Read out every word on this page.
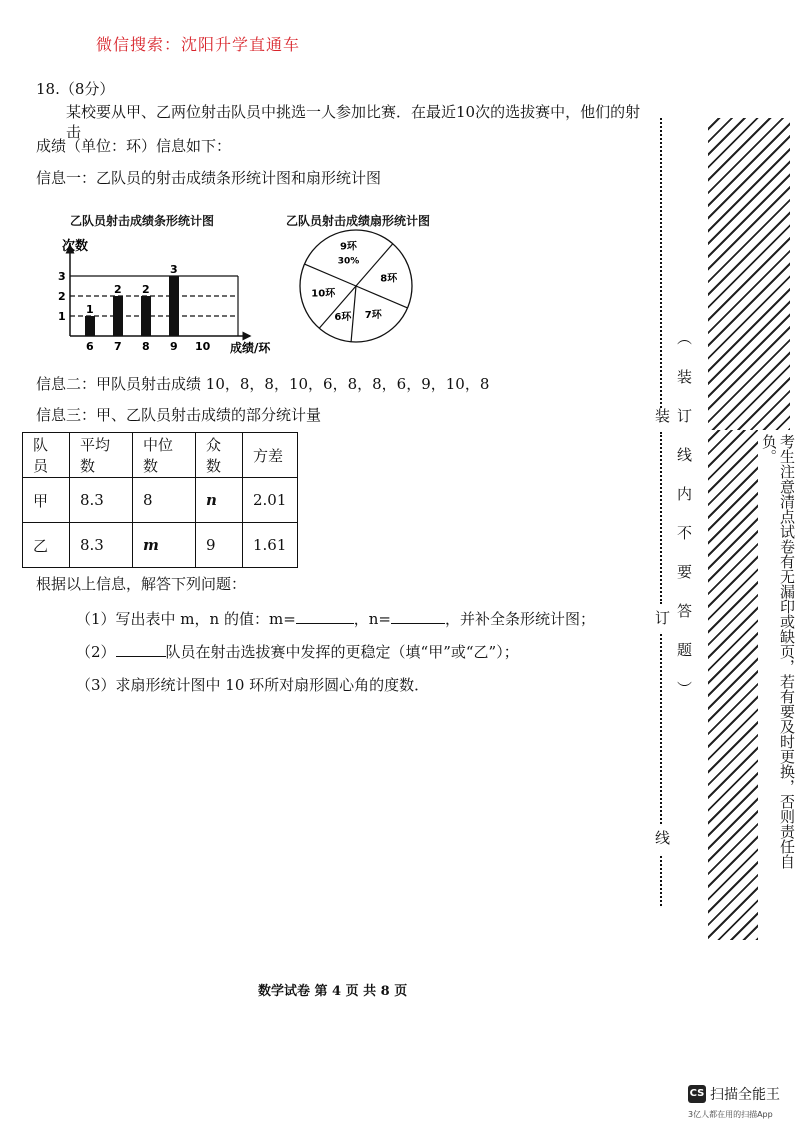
微信搜索：沈阳升学直通车
18.（8分）
某校要从甲、乙两位射击队员中挑选一人参加比赛．在最近10次的选拔赛中，他们的射击
成绩（单位：环）信息如下：
信息一：乙队员的射击成绩条形统计图和扇形统计图
乙队员射击成绩条形统计图
次数
1
2 2
3
1
2
3
6 7 8 9 10 成绩/环
乙队员射击成绩扇形统计图
9环
30%
8环
7环
6环
10环
信息二：甲队员射击成绩 10，8，8，10，6，8，8，6，9，10，8
信息三：甲、乙队员射击成绩的部分统计量
队员	平均数	中位数	众数	方差
甲	8.3	8	n	2.01
乙	8.3	m	9	1.61
根据以上信息，解答下列问题：
（1）写出表中 m，n 的值：m=	，n=	，并补全条形统计图；
（2）	队员在射击选拔赛中发挥的更稳定（填“甲”或“乙”）；
（3）求扇形统计图中 10 环所对扇形圆心角的度数．
数学试卷 第 4 页 共 8 页
装
订
线
（装订线内不要答题）	考生注意清点试卷有无漏印或缺页，若有要及时更换，否则责任自负。
CS 扫描全能王
3亿人都在用的扫描App
